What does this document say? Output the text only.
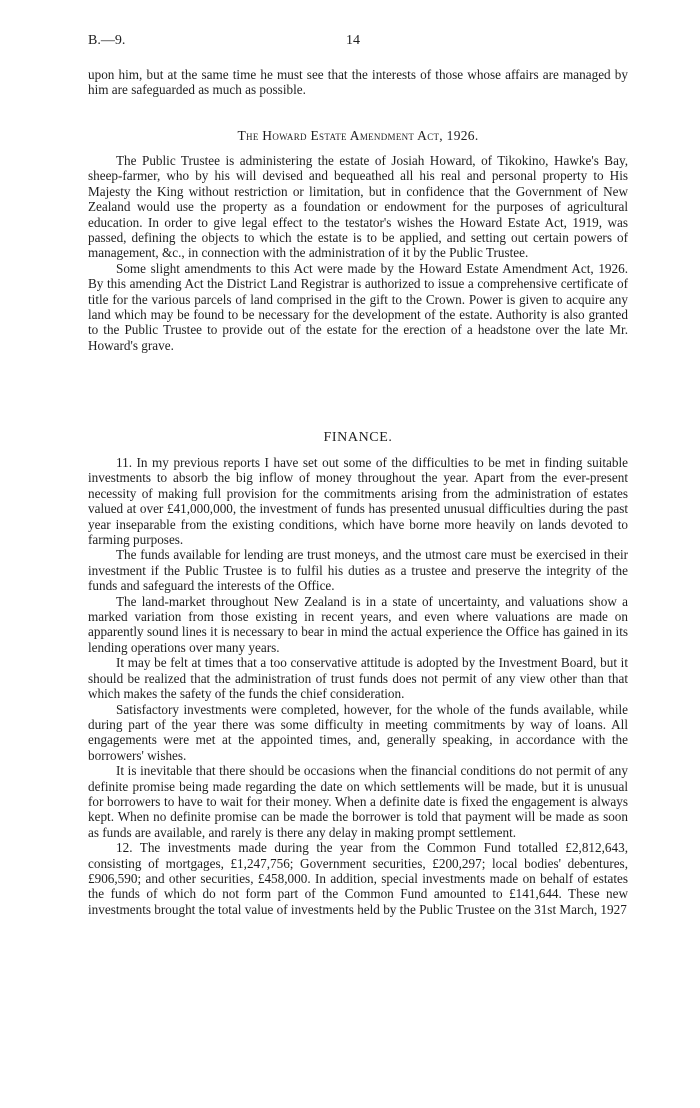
B.—9.	14

upon him, but at the same time he must see that the interests of those whose affairs are managed by him are safeguarded as much as possible.

The Howard Estate Amendment Act, 1926.

The Public Trustee is administering the estate of Josiah Howard, of Tikokino, Hawke's Bay, sheep-farmer, who by his will devised and bequeathed all his real and personal property to His Majesty the King without restriction or limitation, but in confidence that the Government of New Zealand would use the property as a foundation or endowment for the purposes of agricultural education. In order to give legal effect to the testator's wishes the Howard Estate Act, 1919, was passed, defining the objects to which the estate is to be applied, and setting out certain powers of management, &c., in connection with the administration of it by the Public Trustee.

Some slight amendments to this Act were made by the Howard Estate Amendment Act, 1926. By this amending Act the District Land Registrar is authorized to issue a comprehensive certificate of title for the various parcels of land comprised in the gift to the Crown. Power is given to acquire any land which may be found to be necessary for the development of the estate. Authority is also granted to the Public Trustee to provide out of the estate for the erection of a headstone over the late Mr. Howard's grave.

FINANCE.

11. In my previous reports I have set out some of the difficulties to be met in finding suitable investments to absorb the big inflow of money throughout the year. Apart from the ever-present necessity of making full provision for the commitments arising from the administration of estates valued at over £41,000,000, the investment of funds has presented unusual difficulties during the past year inseparable from the existing conditions, which have borne more heavily on lands devoted to farming purposes.

The funds available for lending are trust moneys, and the utmost care must be exercised in their investment if the Public Trustee is to fulfil his duties as a trustee and preserve the integrity of the funds and safeguard the interests of the Office.

The land-market throughout New Zealand is in a state of uncertainty, and valuations show a marked variation from those existing in recent years, and even where valuations are made on apparently sound lines it is necessary to bear in mind the actual experience the Office has gained in its lending operations over many years.

It may be felt at times that a too conservative attitude is adopted by the Investment Board, but it should be realized that the administration of trust funds does not permit of any view other than that which makes the safety of the funds the chief consideration.

Satisfactory investments were completed, however, for the whole of the funds available, while during part of the year there was some difficulty in meeting commitments by way of loans. All engagements were met at the appointed times, and, generally speaking, in accordance with the borrowers' wishes.

It is inevitable that there should be occasions when the financial conditions do not permit of any definite promise being made regarding the date on which settlements will be made, but it is unusual for borrowers to have to wait for their money. When a definite date is fixed the engagement is always kept. When no definite promise can be made the borrower is told that payment will be made as soon as funds are available, and rarely is there any delay in making prompt settlement.

12. The investments made during the year from the Common Fund totalled £2,812,643, consisting of mortgages, £1,247,756; Government securities, £200,297; local bodies' debentures, £906,590; and other securities, £458,000. In addition, special investments made on behalf of estates the funds of which do not form part of the Common Fund amounted to £141,644. These new investments brought the total value of investments held by the Public Trustee on the 31st March, 1927
